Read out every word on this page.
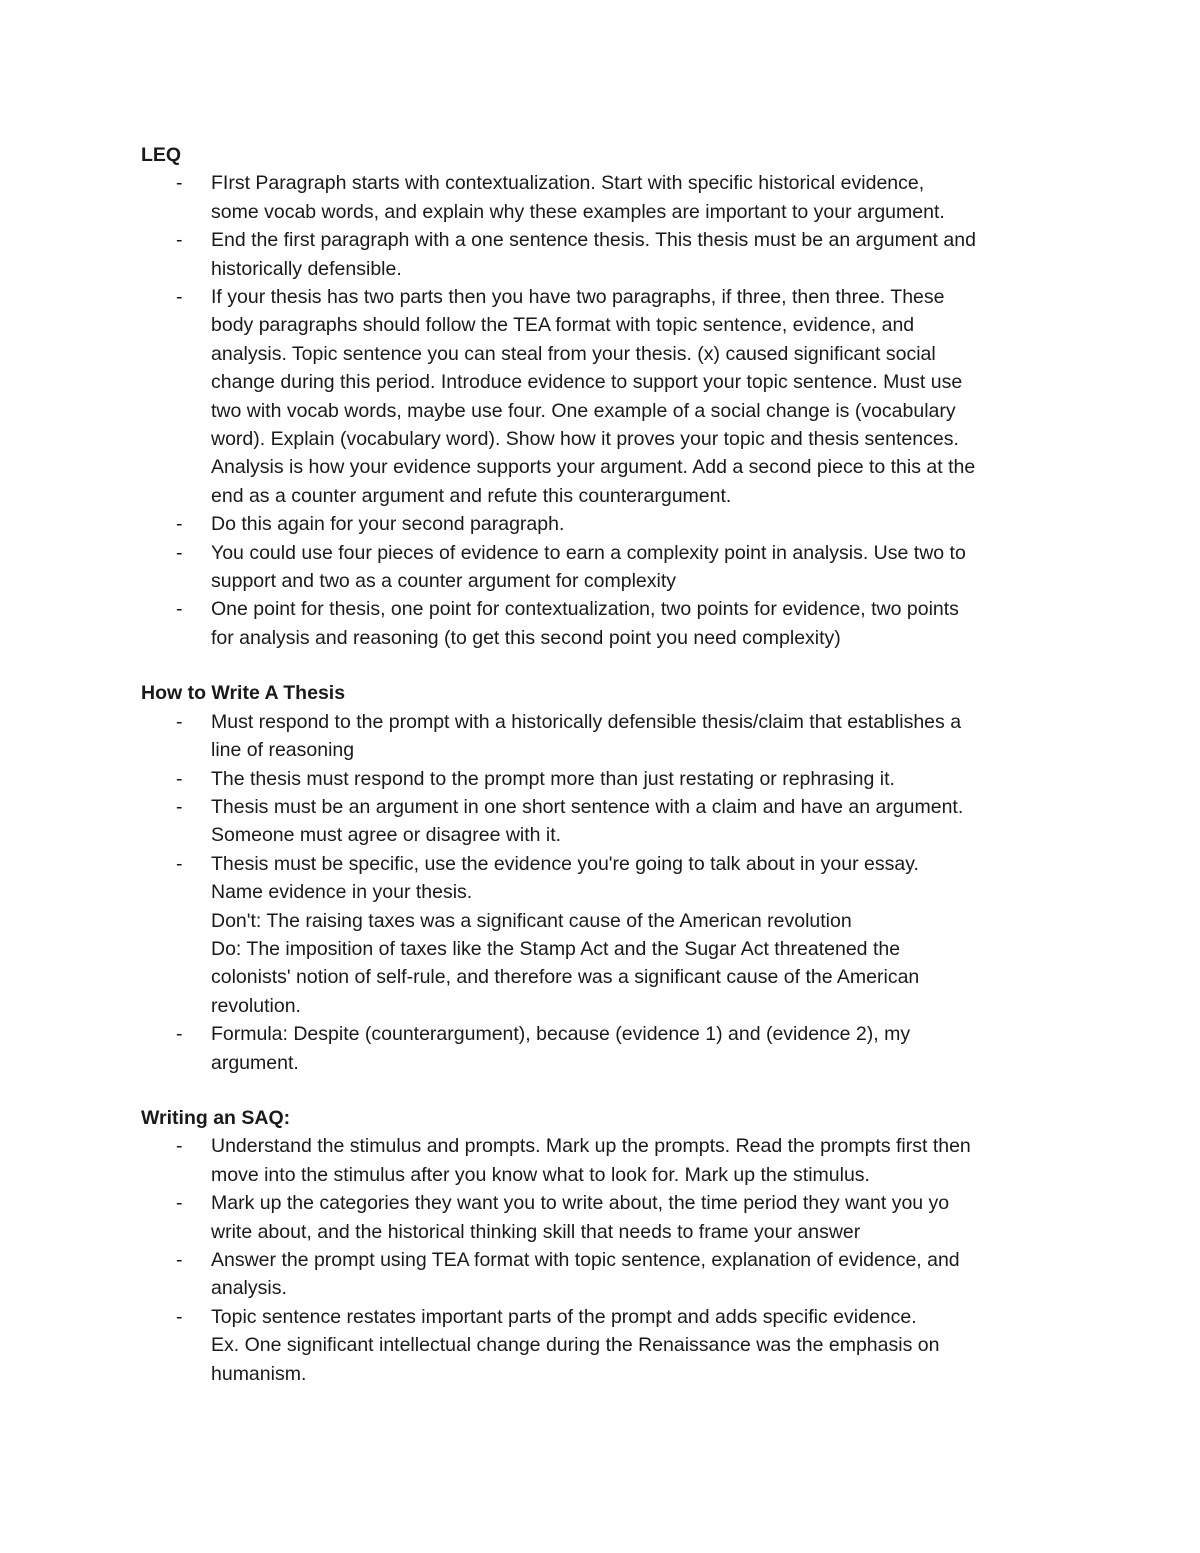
LEQ
- FIrst Paragraph starts with contextualization. Start with specific historical evidence,
some vocab words, and explain why these examples are important to your argument.
- End the first paragraph with a one sentence thesis. This thesis must be an argument and
historically defensible.
- If your thesis has two parts then you have two paragraphs, if three, then three. These
body paragraphs should follow the TEA format with topic sentence, evidence, and
analysis. Topic sentence you can steal from your thesis. (x) caused significant social
change during this period. Introduce evidence to support your topic sentence. Must use
two with vocab words, maybe use four. One example of a social change is (vocabulary
word). Explain (vocabulary word). Show how it proves your topic and thesis sentences.
Analysis is how your evidence supports your argument. Add a second piece to this at the
end as a counter argument and refute this counterargument.
- Do this again for your second paragraph.
- You could use four pieces of evidence to earn a complexity point in analysis. Use two to
support and two as a counter argument for complexity
- One point for thesis, one point for contextualization, two points for evidence, two points
for analysis and reasoning (to get this second point you need complexity)
How to Write A Thesis
- Must respond to the prompt with a historically defensible thesis/claim that establishes a
line of reasoning
- The thesis must respond to the prompt more than just restating or rephrasing it.
- Thesis must be an argument in one short sentence with a claim and have an argument.
Someone must agree or disagree with it.
- Thesis must be specific, use the evidence you're going to talk about in your essay.
Name evidence in your thesis.
Don't: The raising taxes was a significant cause of the American revolution
Do: The imposition of taxes like the Stamp Act and the Sugar Act threatened the
colonists' notion of self-rule, and therefore was a significant cause of the American
revolution.
- Formula: Despite (counterargument), because (evidence 1) and (evidence 2), my
argument.
Writing an SAQ:
- Understand the stimulus and prompts. Mark up the prompts. Read the prompts first then
move into the stimulus after you know what to look for. Mark up the stimulus.
- Mark up the categories they want you to write about, the time period they want you yo
write about, and the historical thinking skill that needs to frame your answer
- Answer the prompt using TEA format with topic sentence, explanation of evidence, and
analysis.
- Topic sentence restates important parts of the prompt and adds specific evidence.
Ex. One significant intellectual change during the Renaissance was the emphasis on
humanism.
